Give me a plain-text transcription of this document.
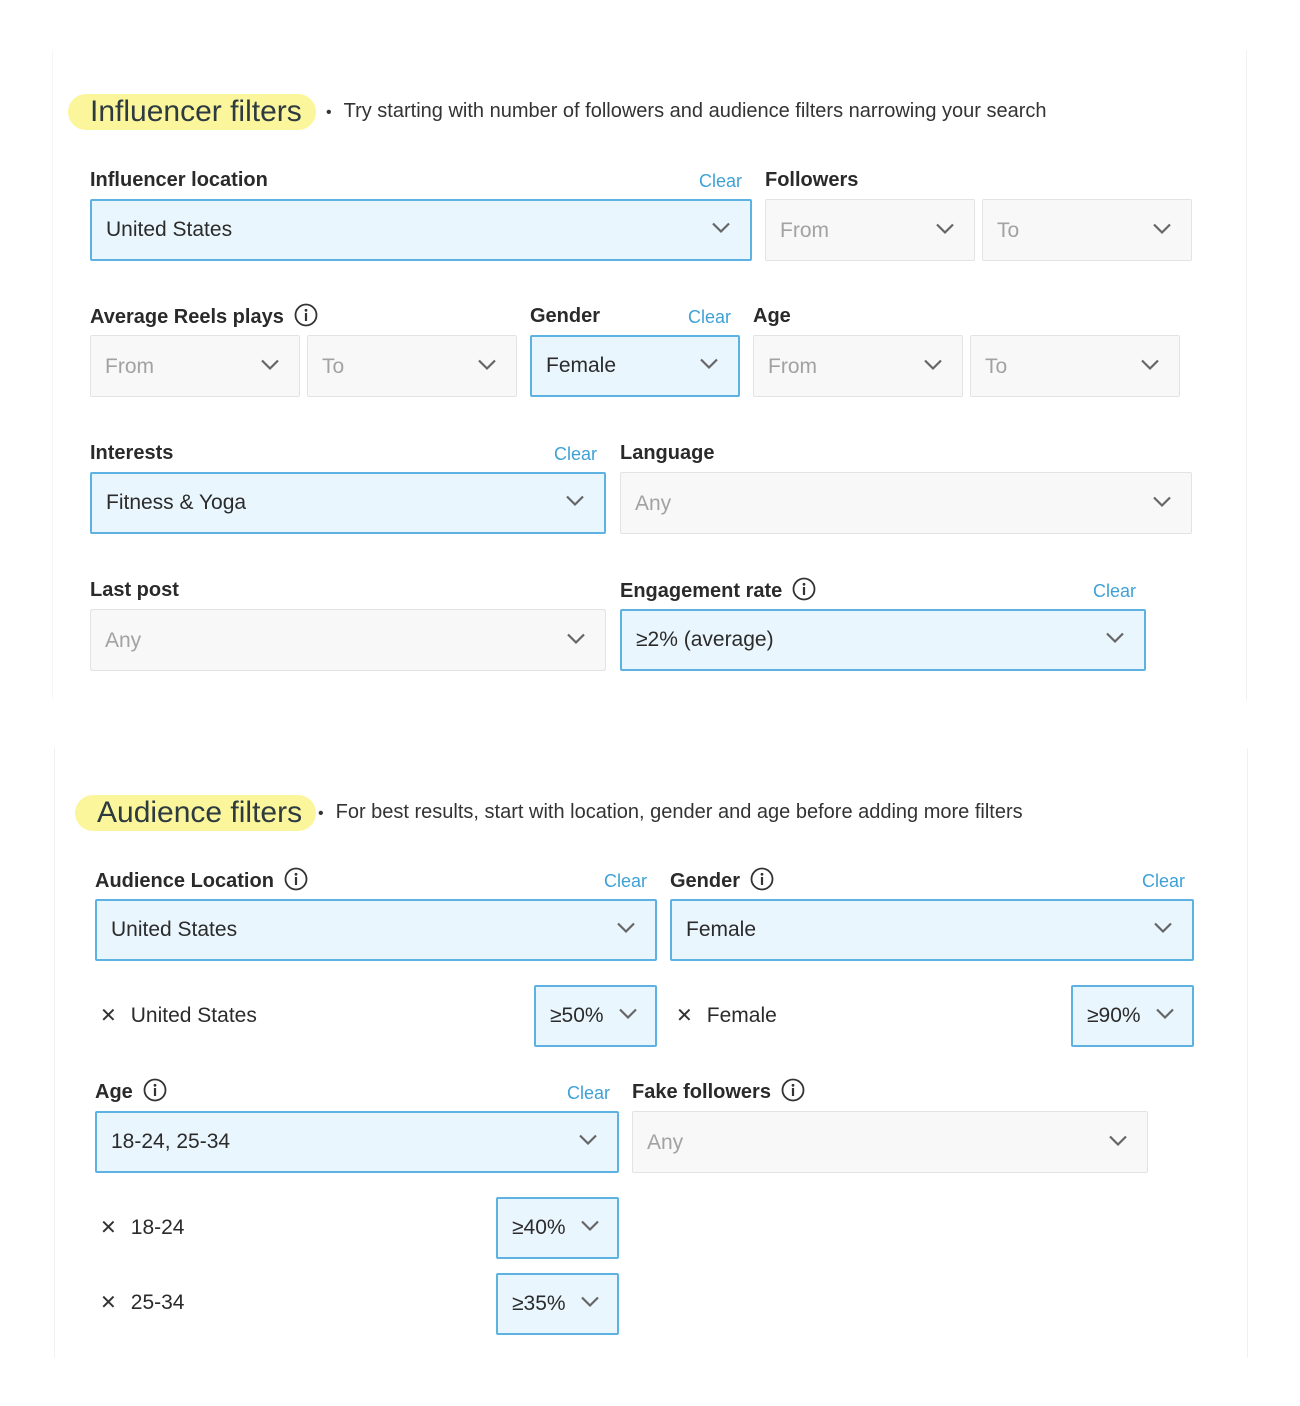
Influencer filters	• Try starting with number of followers and audience filters narrowing your search
Influencer location	Clear
United States
Followers
From	To
Average Reels plays
From	To
Gender	Clear
Female
Age
From	To
Interests	Clear
Fitness & Yoga
Language
Any
Last post
Any
Engagement rate	Clear
≥2% (average)
Audience filters	• For best results, start with location, gender and age before adding more filters
Audience Location	Clear
United States
✕ United States	≥50%
Gender	Clear
Female
✕ Female	≥90%
Age	Clear
18-24, 25-34
✕ 18-24	≥40%
✕ 25-34	≥35%
Fake followers
Any
